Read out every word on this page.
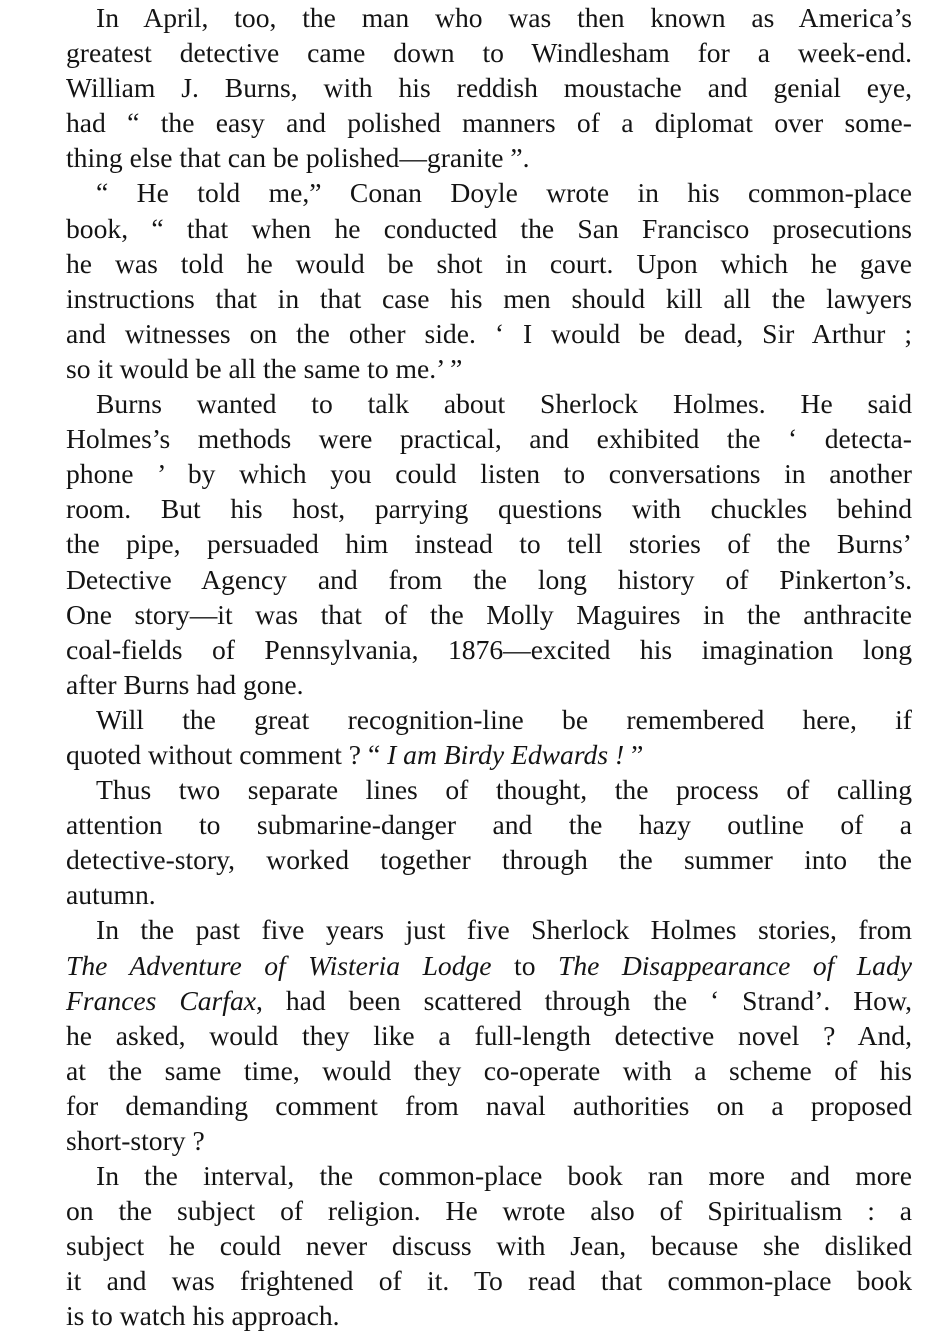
In April, too, the man who was then known as America’s
greatest detective came down to Windlesham for a week-end.
William J. Burns, with his reddish moustache and genial eye,
had “ the easy and polished manners of a diplomat over some-
thing else that can be polished—granite ”.
“ He told me,” Conan Doyle wrote in his common-place
book, “ that when he conducted the San Francisco prosecutions
he was told he would be shot in court. Upon which he gave
instructions that in that case his men should kill all the lawyers
and witnesses on the other side. ‘ I would be dead, Sir Arthur ;
so it would be all the same to me.’ ”
Burns wanted to talk about Sherlock Holmes. He said
Holmes’s methods were practical, and exhibited the ‘ detecta-
phone ’ by which you could listen to conversations in another
room. But his host, parrying questions with chuckles behind
the pipe, persuaded him instead to tell stories of the Burns’
Detective Agency and from the long history of Pinkerton’s.
One story—it was that of the Molly Maguires in the anthracite
coal-fields of Pennsylvania, 1876—excited his imagination long
after Burns had gone.
Will the great recognition-line be remembered here, if
quoted without comment ? “ I am Birdy Edwards ! ”
Thus two separate lines of thought, the process of calling
attention to submarine-danger and the hazy outline of a
detective-story, worked together through the summer into the
autumn.
In the past five years just five Sherlock Holmes stories, from
The Adventure of Wisteria Lodge to The Disappearance of Lady
Frances Carfax, had been scattered through the ‘ Strand’. How,
he asked, would they like a full-length detective novel ? And,
at the same time, would they co-operate with a scheme of his
for demanding comment from naval authorities on a proposed
short-story ?
In the interval, the common-place book ran more and more
on the subject of religion. He wrote also of Spiritualism : a
subject he could never discuss with Jean, because she disliked
it and was frightened of it. To read that common-place book
is to watch his approach.
